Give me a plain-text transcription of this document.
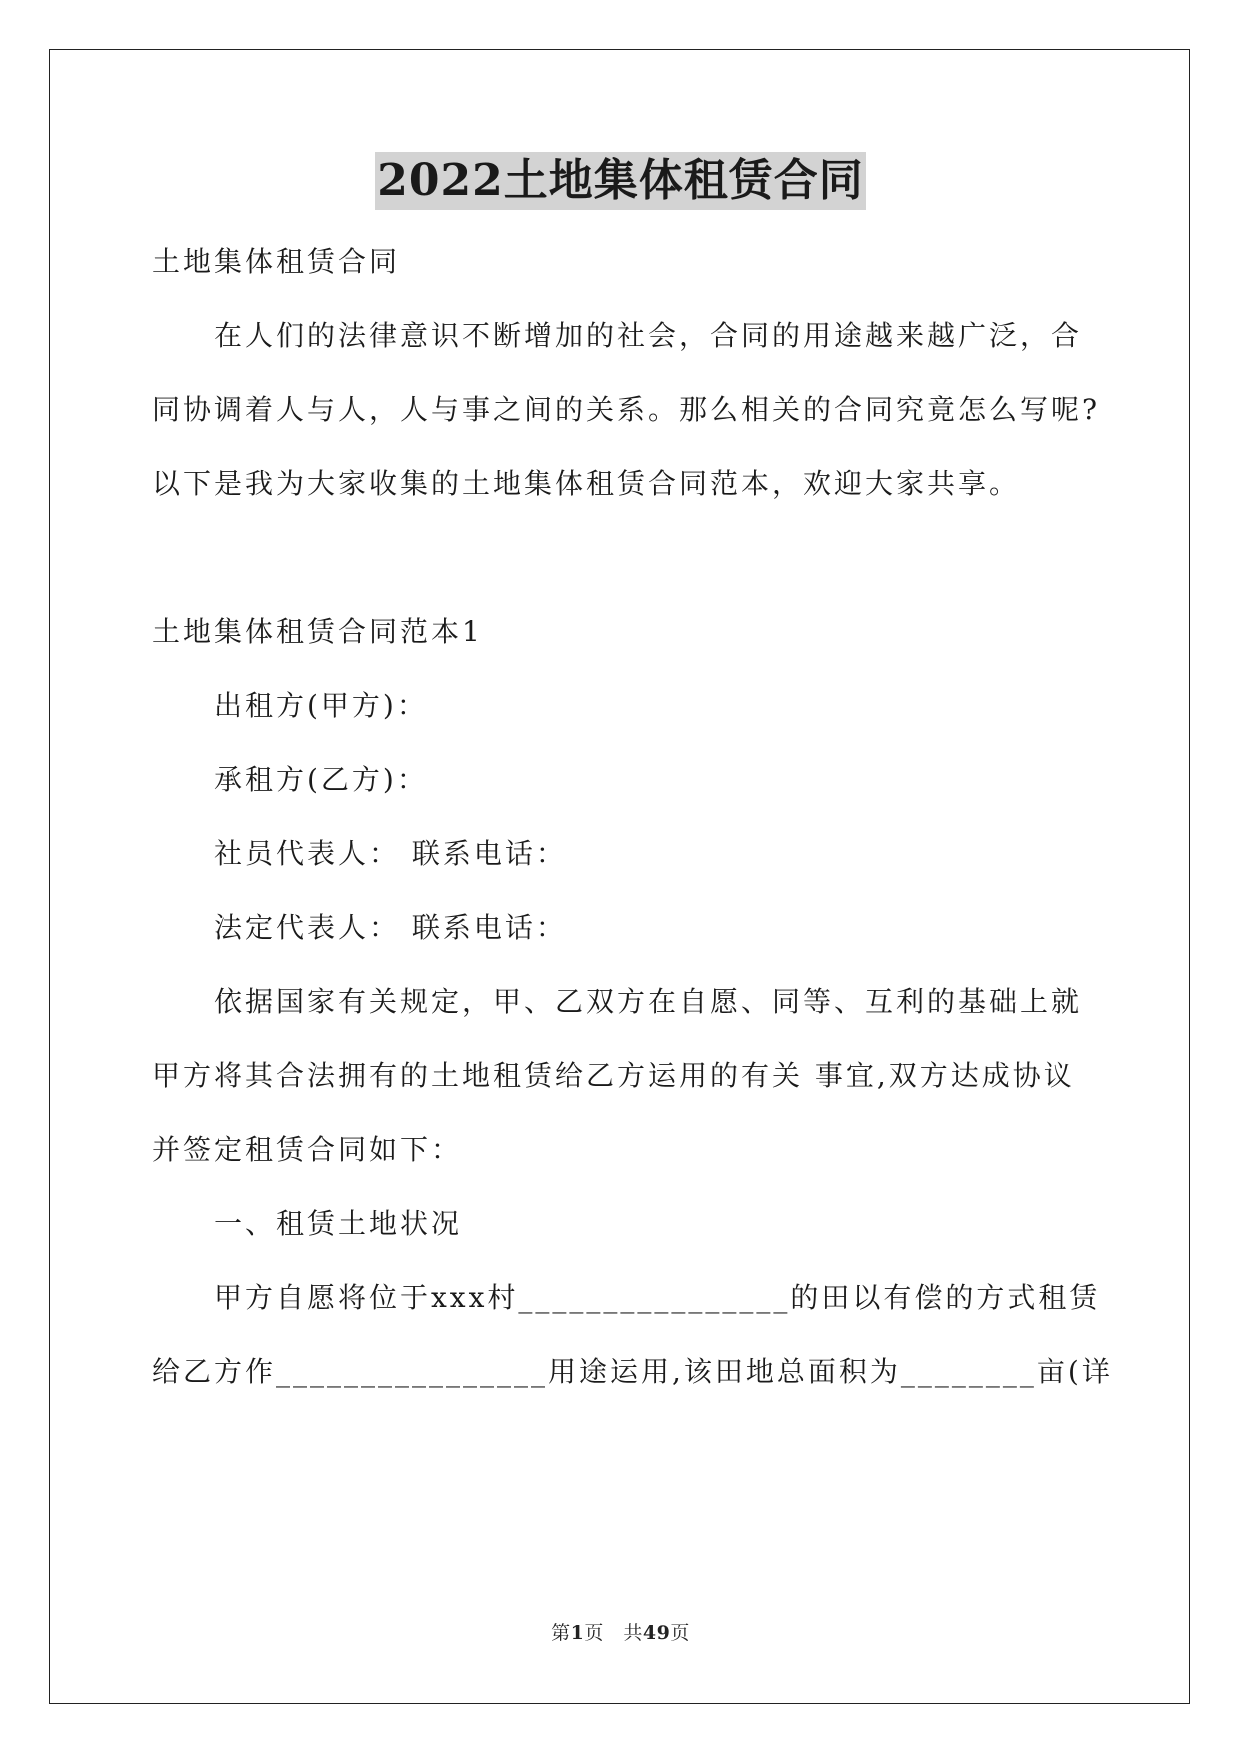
2022土地集体租赁合同
土地集体租赁合同
　　在人们的法律意识不断增加的社会，合同的用途越来越广泛，合
同协调着人与人，人与事之间的关系。那么相关的合同究竟怎么写呢?
以下是我为大家收集的土地集体租赁合同范本，欢迎大家共享。
土地集体租赁合同范本1
　　出租方(甲方)：
　　承租方(乙方)：
　　社员代表人： 联系电话：
　　法定代表人： 联系电话：
　　依据国家有关规定，甲、乙双方在自愿、同等、互利的基础上就
甲方将其合法拥有的土地租赁给乙方运用的有关 事宜,双方达成协议
并签定租赁合同如下：
　　一、租赁土地状况
　　甲方自愿将位于xxx村________________的田以有偿的方式租赁
给乙方作________________用途运用,该田地总面积为________亩(详
第1页　共49页
